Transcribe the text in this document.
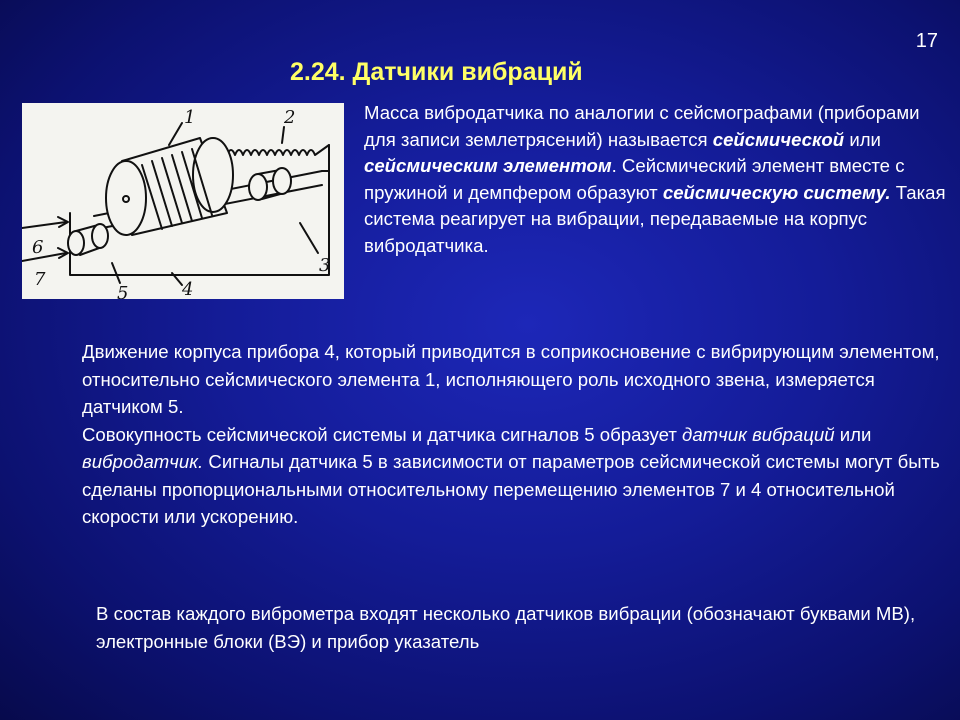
17
2.24. Датчики вибраций
1	2
3
4
5
6
7

Масса вибродатчика по аналогии с сейсмографами (приборами для записи землетрясений) называется сейсмической или сейсмическим элементом. Сейсмический элемент вместе с пружиной и демпфером образуют сейсмическую систему. Такая система реагирует на вибрации, передаваемые на корпус вибродатчика.

Движение корпуса прибора 4, который приводится в соприкосновение с вибрирующим элементом, относительно сейсмического элемента 1, исполняющего роль исходного звена, измеряется датчиком 5.

Совокупность сейсмической системы и датчика сигналов 5 образует датчик вибраций или вибродатчик. Сигналы датчика 5 в зависимости от параметров сейсмической системы могут быть сделаны пропорциональными относительному перемещению элементов 7 и 4 относительной скорости или ускорению.

В состав каждого виброметра входят несколько датчиков вибрации (обозначают буквами МВ), электронные блоки (ВЭ) и прибор указатель
